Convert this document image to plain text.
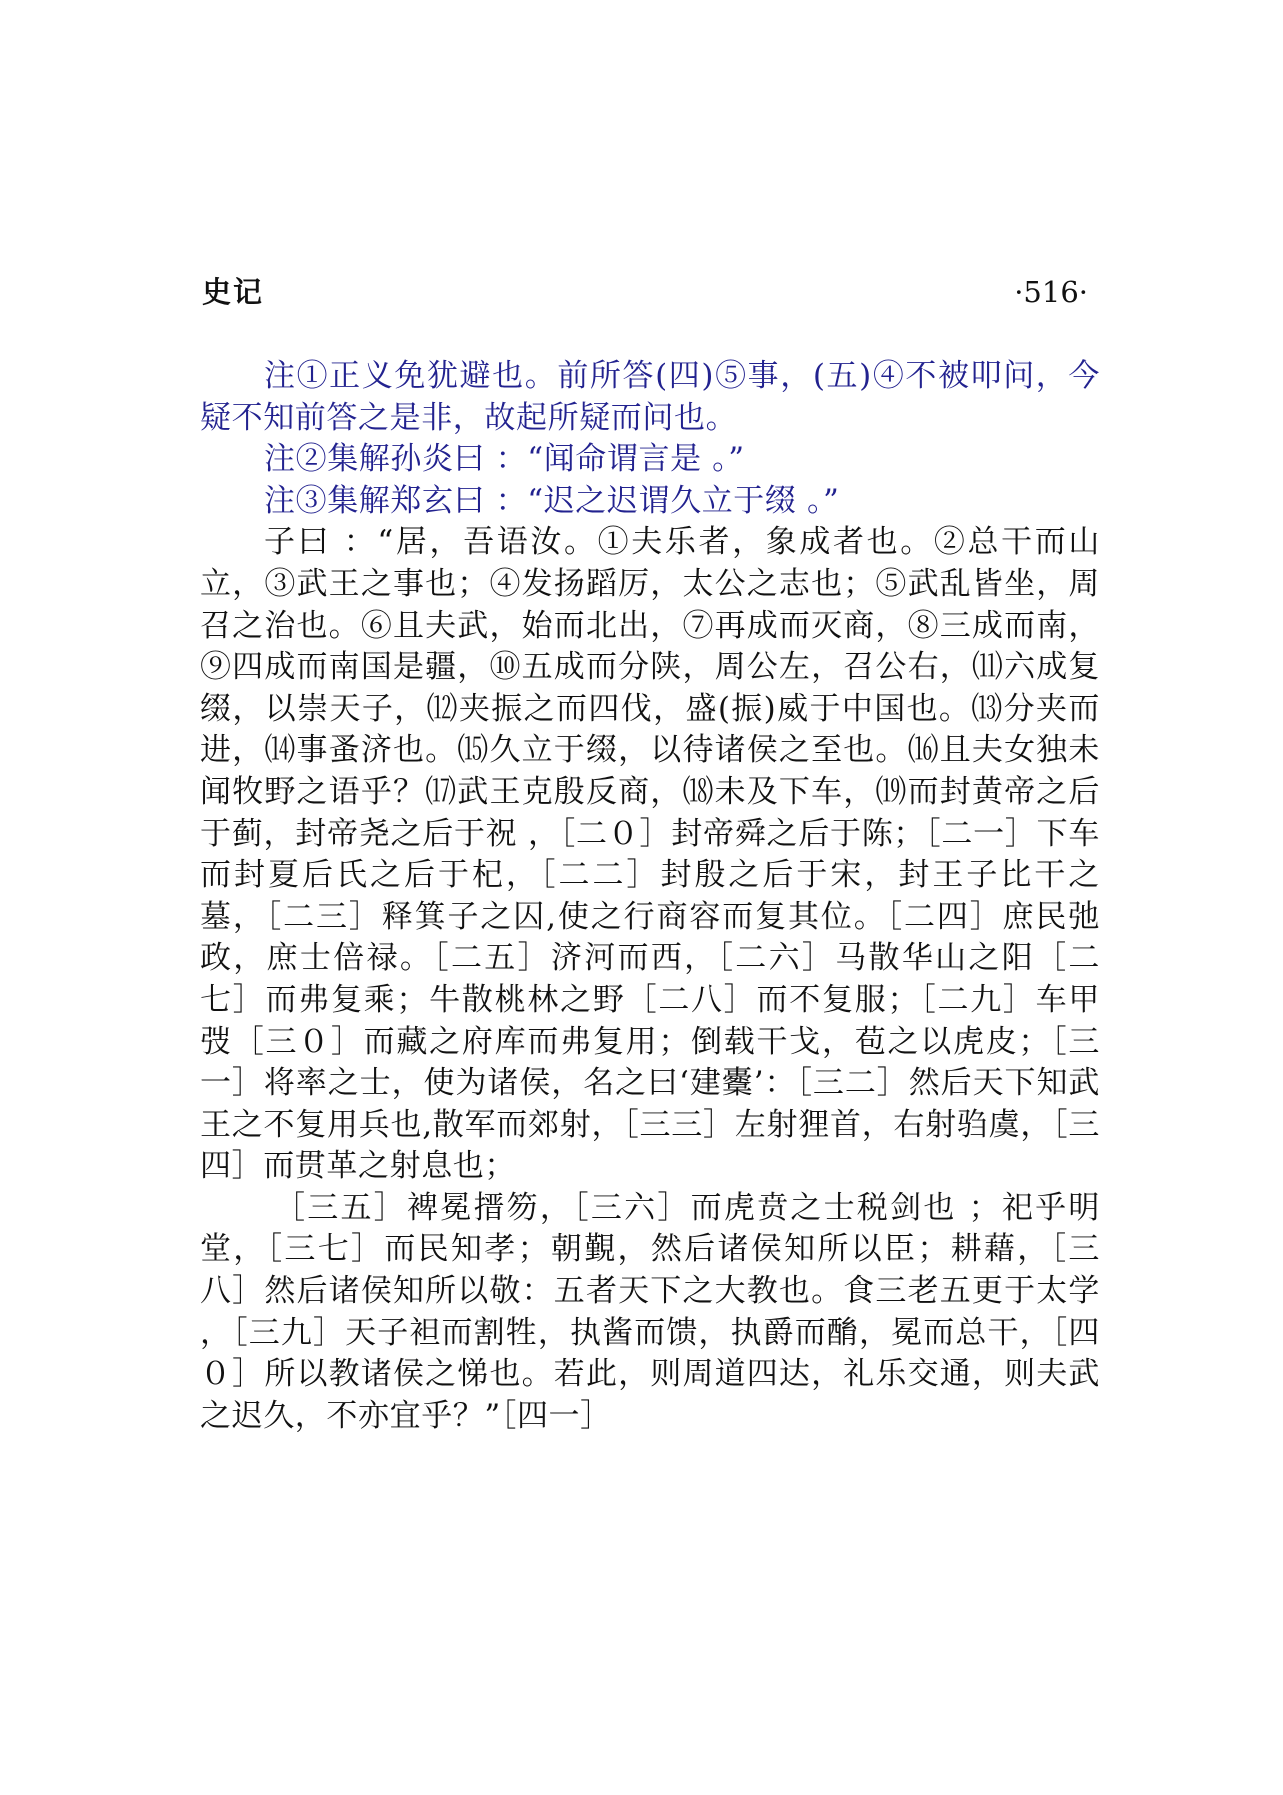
史记	·516·

注①正义免犹避也。前所答(四)⑤事，(五)④不被叩问，今疑不知前答之是非，故起所疑而问也。

注②集解孙炎曰 ：“闻命谓言是 。”

注③集解郑玄曰 ：“迟之迟谓久立于缀 。”

子曰 ：“居，吾语汝。①夫乐者，象成者也。②总干而山立，③武王之事也；④发扬蹈厉，太公之志也；⑤武乱皆坐，周召之治也。⑥且夫武，始而北出，⑦再成而灭商，⑧三成而南，⑨四成而南国是疆，⑩五成而分陕，周公左，召公右，⑾六成复缀，以崇天子，⑿夹振之而四伐，盛(振)威于中国也。⒀分夹而进，⒁事蚤济也。⒂久立于缀，以待诸侯之至也。⒃且夫女独未闻牧野之语乎？⒄武王克殷反商，⒅未及下车，⒆而封黄帝之后于蓟，封帝尧之后于祝 ，［二０］封帝舜之后于陈；［二一］下车而封夏后氏之后于杞，［二二］封殷之后于宋，封王子比干之墓，［二三］释箕子之囚,使之行商容而复其位。［二四］庶民弛政，庶士倍禄。［二五］济河而西，［二六］马散华山之阳［二七］而弗复乘；牛散桃林之野［二八］而不复服；［二九］车甲弢［三０］而藏之府库而弗复用；倒载干戈，苞之以虎皮；［三一］将率之士，使为诸侯，名之曰‘建櫜’：［三二］然后天下知武王之不复用兵也,散军而郊射，［三三］左射狸首，右射驺虞，［三四］而贯革之射息也；

［三五］裨冕搢笏，［三六］而虎贲之士税剑也 ；祀乎明堂，［三七］而民知孝；朝覲，然后诸侯知所以臣；耕藉，［三八］然后诸侯知所以敬：五者天下之大教也。食三老五更于太学 ，［三九］天子袒而割牲，执酱而馈，执爵而酳，冕而总干，［四０］所以教诸侯之悌也。若此，则周道四达，礼乐交通，则夫武之迟久，不亦宜乎？”［四一］
